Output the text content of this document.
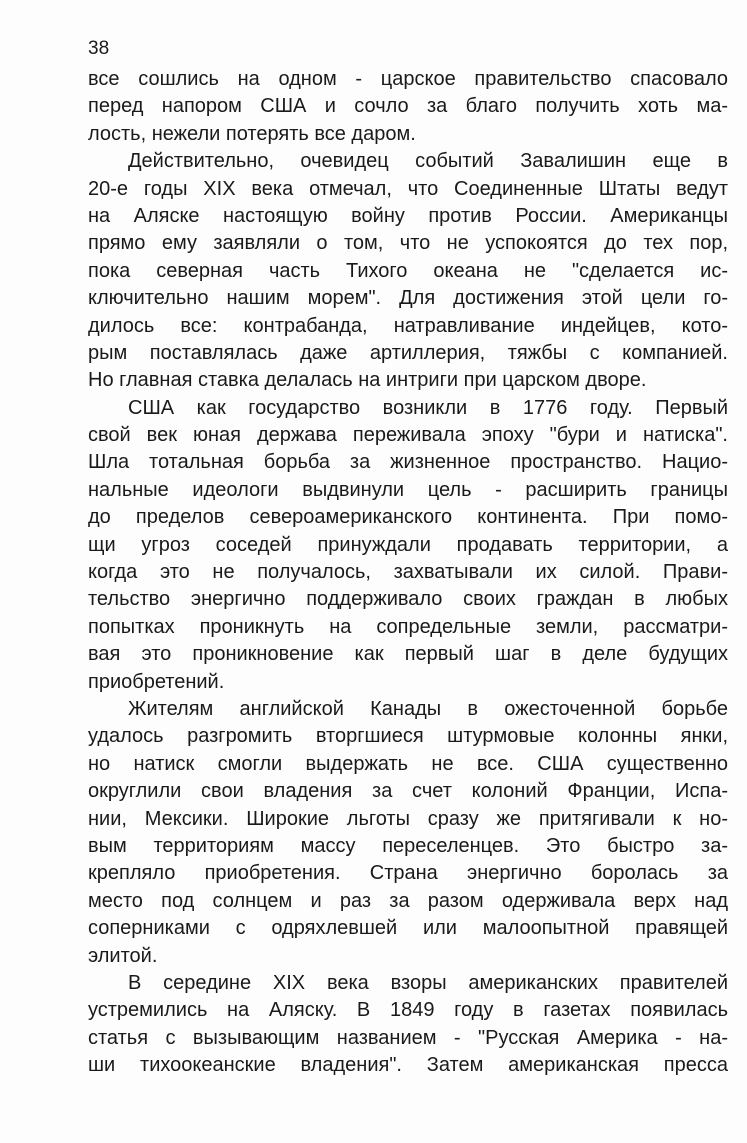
38
все сошлись на одном - царское правительство спасовало
перед напором США и сочло за благо получить хоть ма-
лость, нежели потерять все даром.
Действительно, очевидец событий Завалишин еще в
20-е годы XIX века отмечал, что Соединенные Штаты ведут
на Аляске настоящую войну против России. Американцы
прямо ему заявляли о том, что не успокоятся до тех пор,
пока северная часть Тихого океана не "сделается ис-
ключительно нашим морем". Для достижения этой цели го-
дилось все: контрабанда, натравливание индейцев, кото-
рым поставлялась даже артиллерия, тяжбы с компанией.
Но главная ставка делалась на интриги при царском дворе.
США как государство возникли в 1776 году. Первый
свой век юная держава переживала эпоху "бури и натиска".
Шла тотальная борьба за жизненное пространство. Нацио-
нальные идеологи выдвинули цель - расширить границы
до пределов североамериканского континента. При помо-
щи угроз соседей принуждали продавать территории, а
когда это не получалось, захватывали их силой. Прави-
тельство энергично поддерживало своих граждан в любых
попытках проникнуть на сопредельные земли, рассматри-
вая это проникновение как первый шаг в деле будущих
приобретений.
Жителям английской Канады в ожесточенной борьбе
удалось разгромить вторгшиеся штурмовые колонны янки,
но натиск смогли выдержать не все. США существенно
округлили свои владения за счет колоний Франции, Испа-
нии, Мексики. Широкие льготы сразу же притягивали к но-
вым территориям массу переселенцев. Это быстро за-
крепляло приобретения. Страна энергично боролась за
место под солнцем и раз за разом одерживала верх над
соперниками с одряхлевшей или малоопытной правящей
элитой.
В середине XIX века взоры американских правителей
устремились на Аляску. В 1849 году в газетах появилась
статья с вызывающим названием - "Русская Америка - на-
ши тихоокеанские владения". Затем американская пресса
